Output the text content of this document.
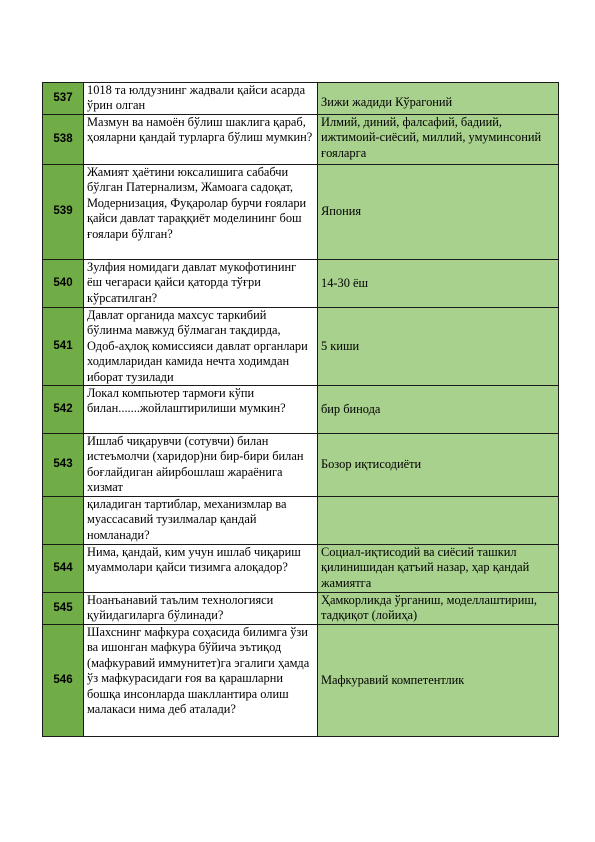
537	1018 та юлдузнинг жадвали қайси асарда ўрин олган	Зижи жадиди Кўрагоний
538	Мазмун ва намоён бўлиш шаклига қараб, ҳояларни қандай турларга бўлиш мумкин?	Илмий, диний, фалсафий, бадиий, ижтимоий-сиёсий, миллий, умуминсоний ғояларга
539	Жамият ҳаётини юксалишига сабабчи бўлган Патернализм, Жамоага садоқат, Модернизация, Фуқаролар бурчи ғоялари қайси давлат тараққиёт моделининг бош ғоялари бўлган?	Япония
540	Зулфия номидаги давлат мукофотининг ёш чегараси қайси қаторда тўғри кўрсатилган?	14-30 ёш
541	Давлат органида махсус таркибий бўлинма мавжуд бўлмаган тақдирда, Одоб-аҳлоқ комиссияси давлат органлари ходимларидан камида нечта ходимдан иборат тузилади	5 киши
542	Локал компьютер тармоғи кўпи билан.......жойлаштирилиши мумкин?	бир бинода
543	Ишлаб чиқарувчи (сотувчи) билан истеъмолчи (харидор)ни бир-бири билан боғлайдиган айирбошлаш жараёнига хизмат	Бозор иқтисодиёти
	қиладиган тартиблар, механизмлар ва муассасавий тузилмалар қандай номланади?	
544	Нима, қандай, ким учун ишлаб чиқариш муаммолари қайси тизимга алоқадор?	Социал-иқтисодий ва сиёсий ташкил қилинишидан қатъий назар, ҳар қандай жамиятга
545	Ноанъанавий таълим технологияси қуйидагиларга бўлинади?	Ҳамкорликда ўрганиш, моделлаштириш, тадқиқот (лойиҳа)
546	Шахснинг мафкура соҳасида билимга ўзи ва ишонган мафкура бўйича эътиқод (мафкуравий иммунитет)га эгалиги ҳамда ўз мафкурасидаги ғоя ва қарашларни бошқа инсонларда шакллантира олиш малакаси нима деб аталади?	Мафкуравий компетентлик
